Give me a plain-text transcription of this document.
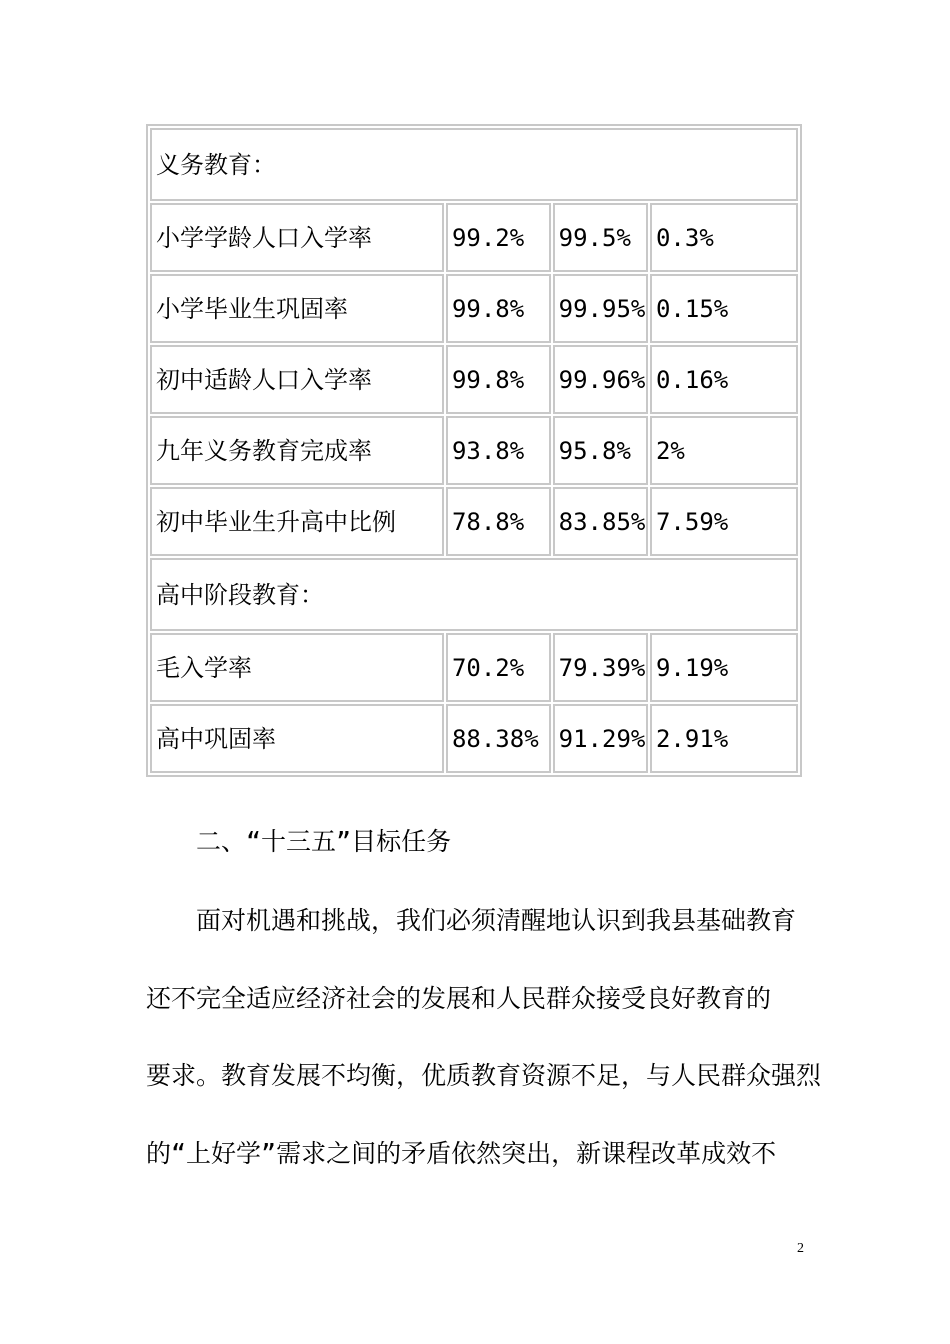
义务教育：			
小学学龄人口入学率	99.2%	99.5%	0.3%
小学毕业生巩固率	99.8%	99.95%	0.15%
初中适龄人口入学率	99.8%	99.96%	0.16%
九年义务教育完成率	93.8%	95.8%	2%
初中毕业生升高中比例	78.8%	83.85%	7.59%
高中阶段教育：			
毛入学率	70.2%	79.39%	9.19%
高中巩固率	88.38%	91.29%	2.91%
二、“十三五”目标任务
面对机遇和挑战，我们必须清醒地认识到我县基础教育
还不完全适应经济社会的发展和人民群众接受良好教育的
要求。教育发展不均衡，优质教育资源不足，与人民群众强烈
的“上好学”需求之间的矛盾依然突出，新课程改革成效不
2
